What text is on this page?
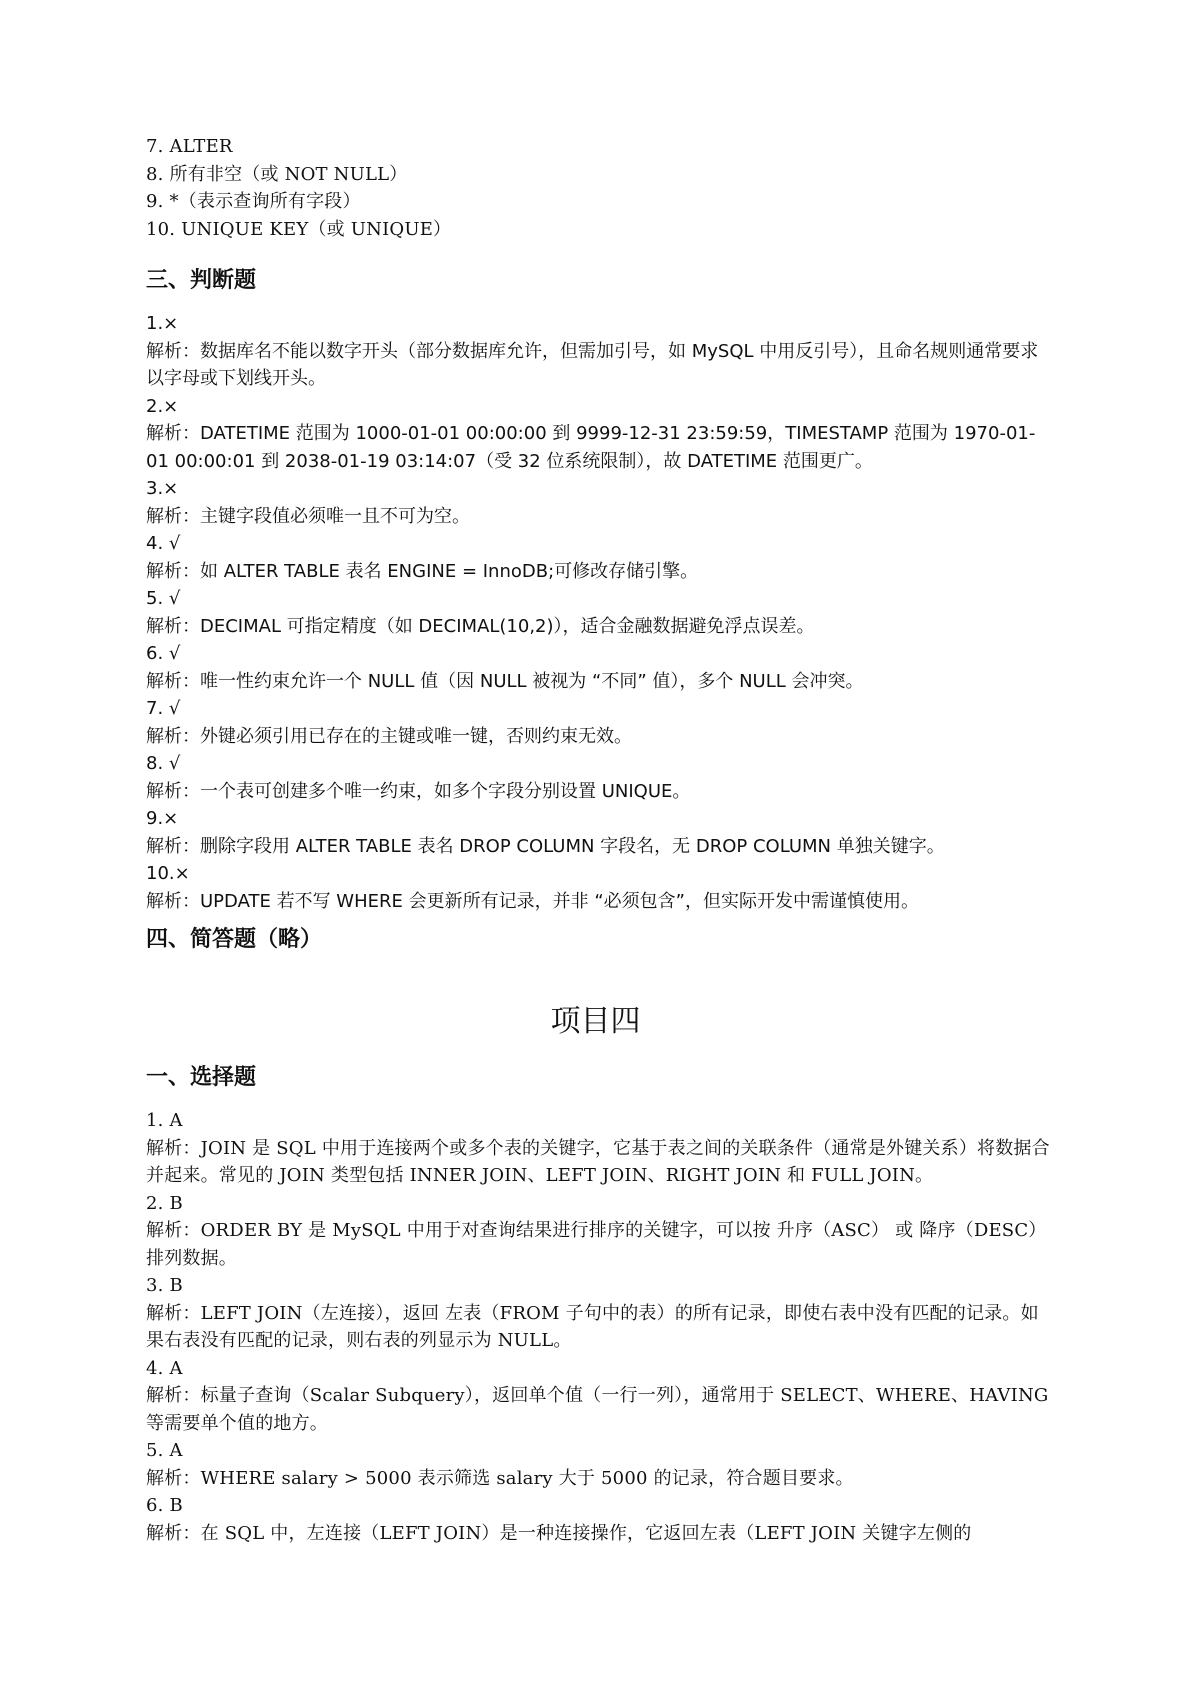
7. ALTER
8. 所有非空（或 NOT NULL）
9. *（表示查询所有字段）
10. UNIQUE KEY（或 UNIQUE）
三、判断题
1.×
解析：数据库名不能以数字开头（部分数据库允许，但需加引号，如 MySQL 中用反引号），且命名规则通常要求以字母或下划线开头。
2.×
解析：DATETIME 范围为 1000-01-01 00:00:00 到 9999-12-31 23:59:59，TIMESTAMP 范围为 1970-01-01 00:00:01 到 2038-01-19 03:14:07（受 32 位系统限制），故 DATETIME 范围更广。
3.×
解析：主键字段值必须唯一且不可为空。
4. √
解析：如 ALTER TABLE 表名 ENGINE = InnoDB;可修改存储引擎。
5. √
解析：DECIMAL 可指定精度（如 DECIMAL(10,2)），适合金融数据避免浮点误差。
6. √
解析：唯一性约束允许一个 NULL 值（因 NULL 被视为 “不同” 值），多个 NULL 会冲突。
7. √
解析：外键必须引用已存在的主键或唯一键，否则约束无效。
8. √
解析：一个表可创建多个唯一约束，如多个字段分别设置 UNIQUE。
9.×
解析：删除字段用 ALTER TABLE 表名 DROP COLUMN 字段名，无 DROP COLUMN 单独关键字。
10.×
解析：UPDATE 若不写 WHERE 会更新所有记录，并非 “必须包含”，但实际开发中需谨慎使用。
四、简答题（略）
项目四
一、选择题
1. A
解析：JOIN 是 SQL 中用于连接两个或多个表的关键字，它基于表之间的关联条件（通常是外键关系）将数据合并起来。常见的 JOIN 类型包括 INNER JOIN、LEFT JOIN、RIGHT JOIN 和 FULL JOIN。
2. B
解析：ORDER BY 是 MySQL 中用于对查询结果进行排序的关键字，可以按 升序（ASC） 或 降序（DESC） 排列数据。
3. B
解析：LEFT JOIN（左连接），返回 左表（FROM 子句中的表）的所有记录，即使右表中没有匹配的记录。如果右表没有匹配的记录，则右表的列显示为 NULL。
4. A
解析：标量子查询（Scalar Subquery），返回单个值（一行一列），通常用于 SELECT、WHERE、HAVING 等需要单个值的地方。
5. A
解析：WHERE salary > 5000 表示筛选 salary 大于 5000 的记录，符合题目要求。
6. B
解析：在 SQL 中，左连接（LEFT JOIN）是一种连接操作，它返回左表（LEFT JOIN 关键字左侧的
